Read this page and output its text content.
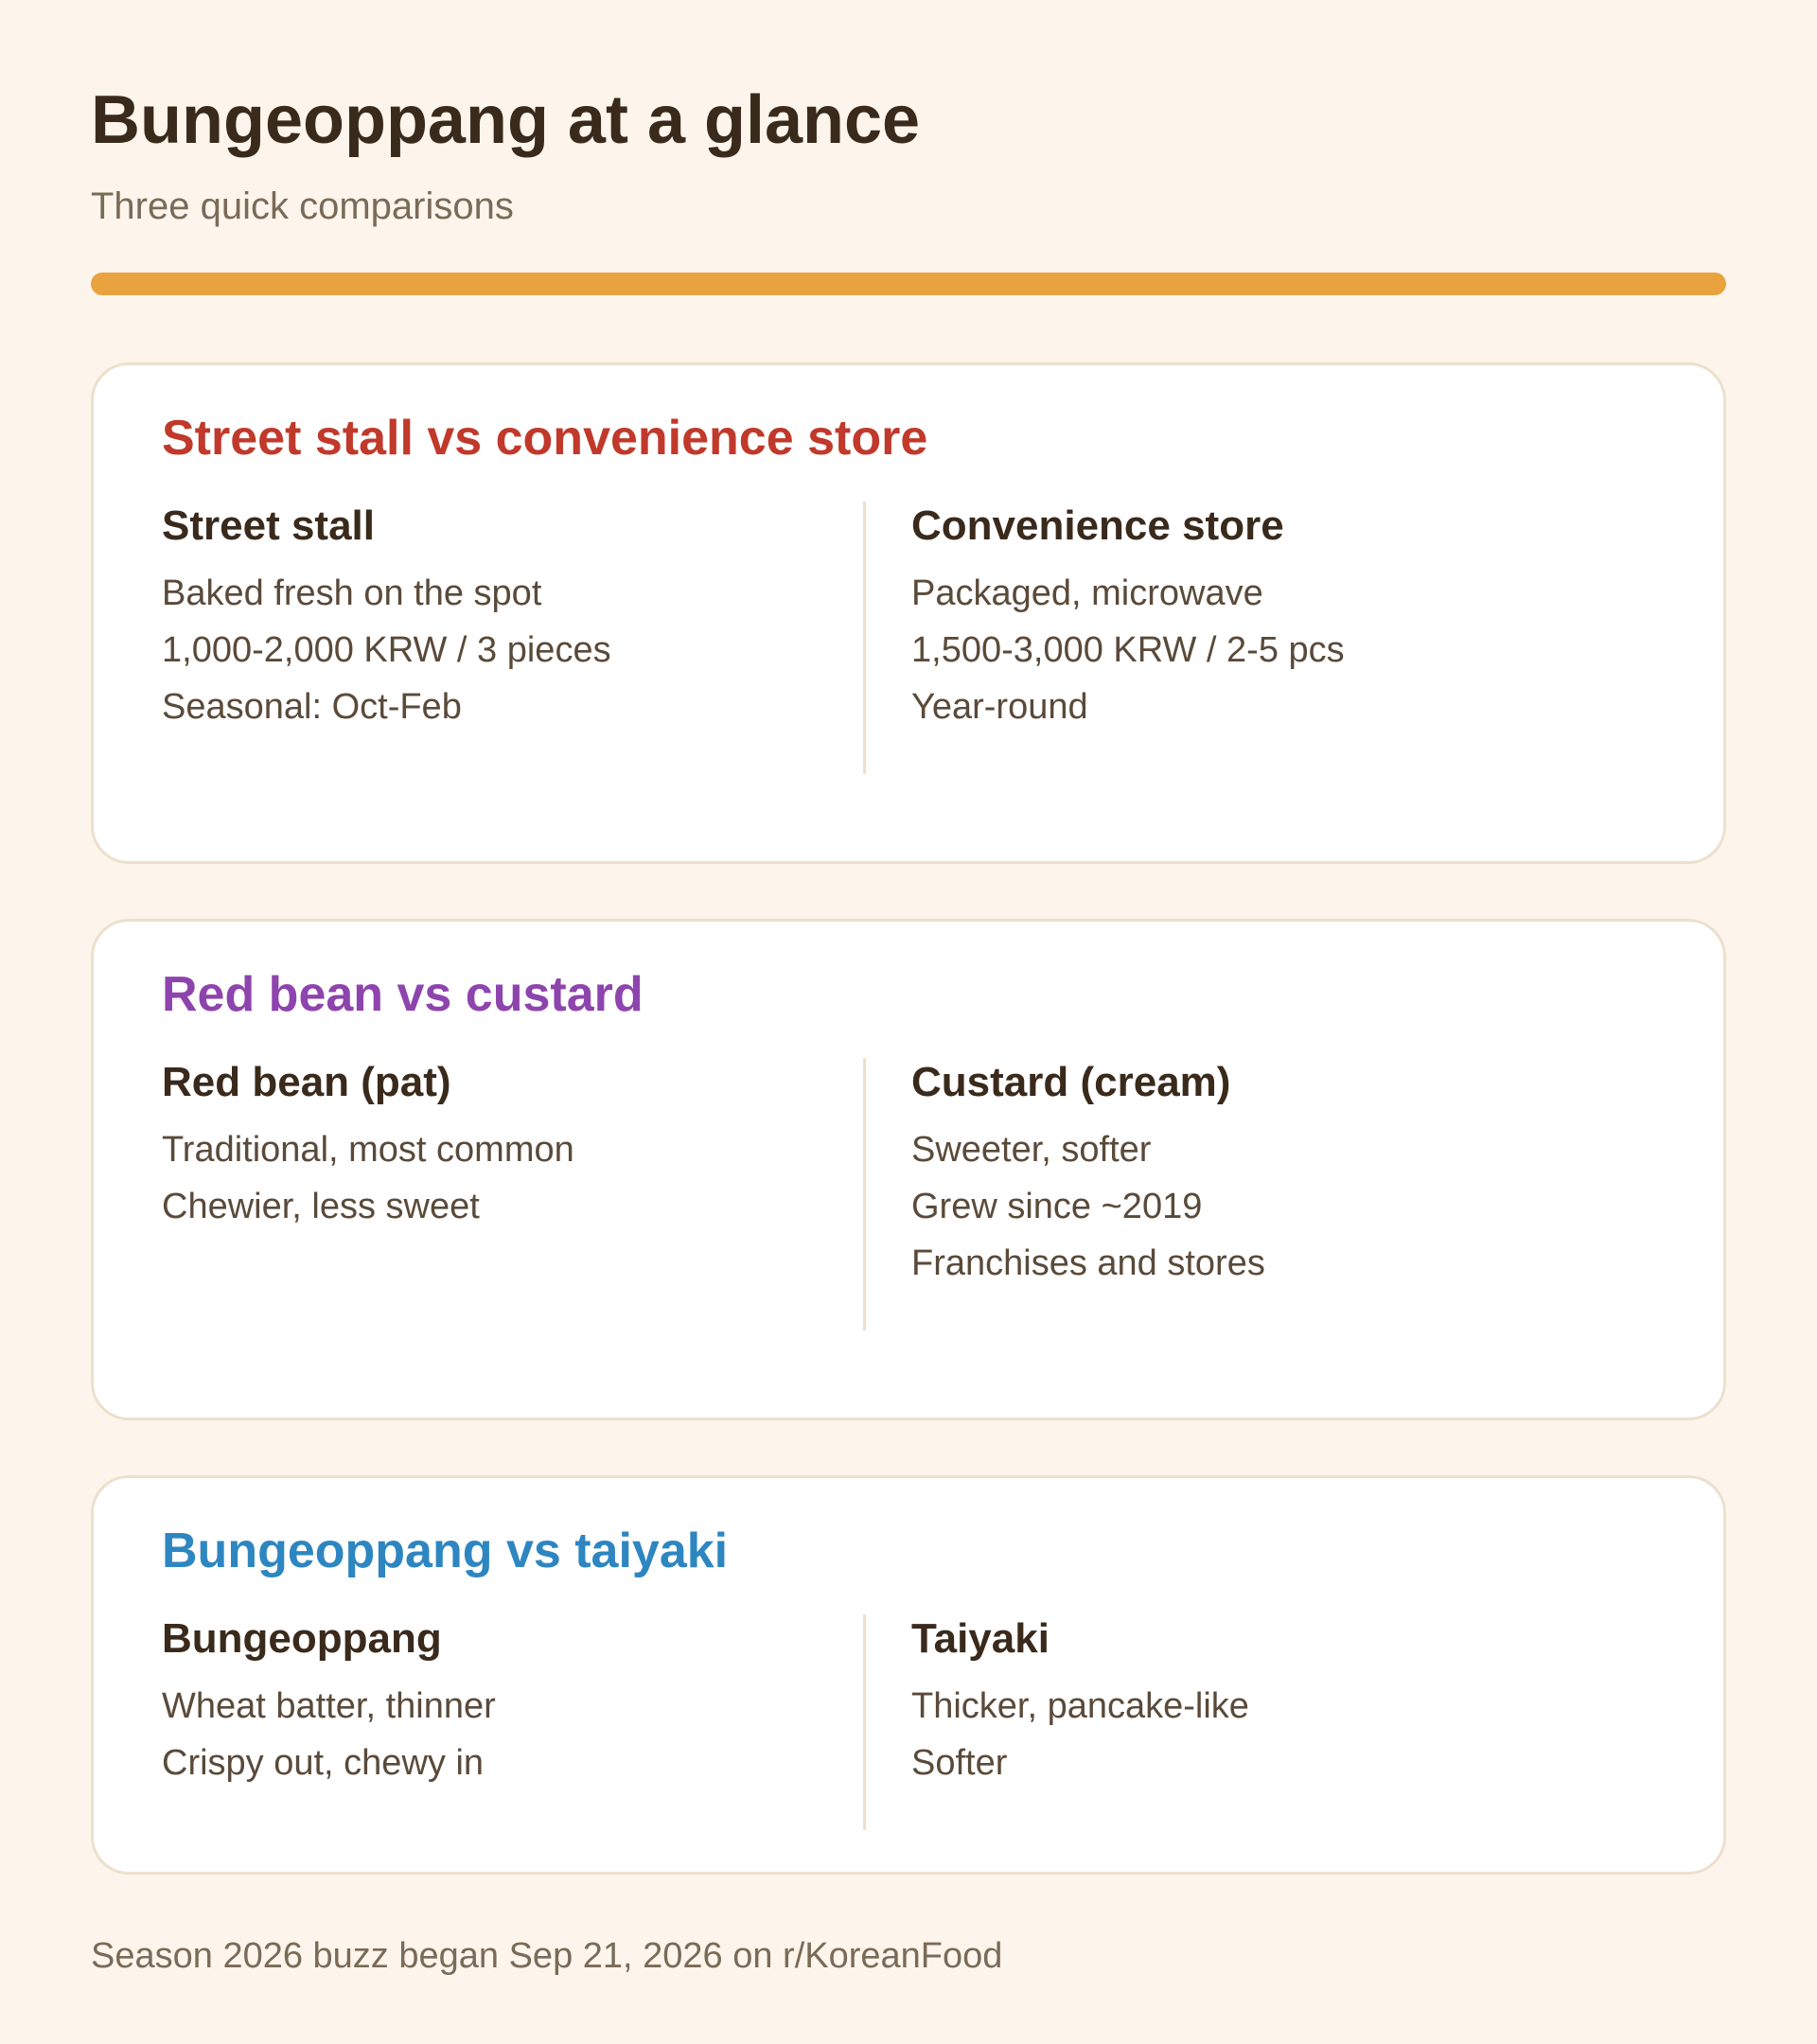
Bungeoppang at a glance
Three quick comparisons
Street stall vs convenience store
Street stall
Baked fresh on the spot
1,000-2,000 KRW / 3 pieces
Seasonal: Oct-Feb
Convenience store
Packaged, microwave
1,500-3,000 KRW / 2-5 pcs
Year-round
Red bean vs custard
Red bean (pat)
Traditional, most common
Chewier, less sweet
Custard (cream)
Sweeter, softer
Grew since ~2019
Franchises and stores
Bungeoppang vs taiyaki
Bungeoppang
Wheat batter, thinner
Crispy out, chewy in
Taiyaki
Thicker, pancake-like
Softer
Season 2026 buzz began Sep 21, 2026 on r/KoreanFood
